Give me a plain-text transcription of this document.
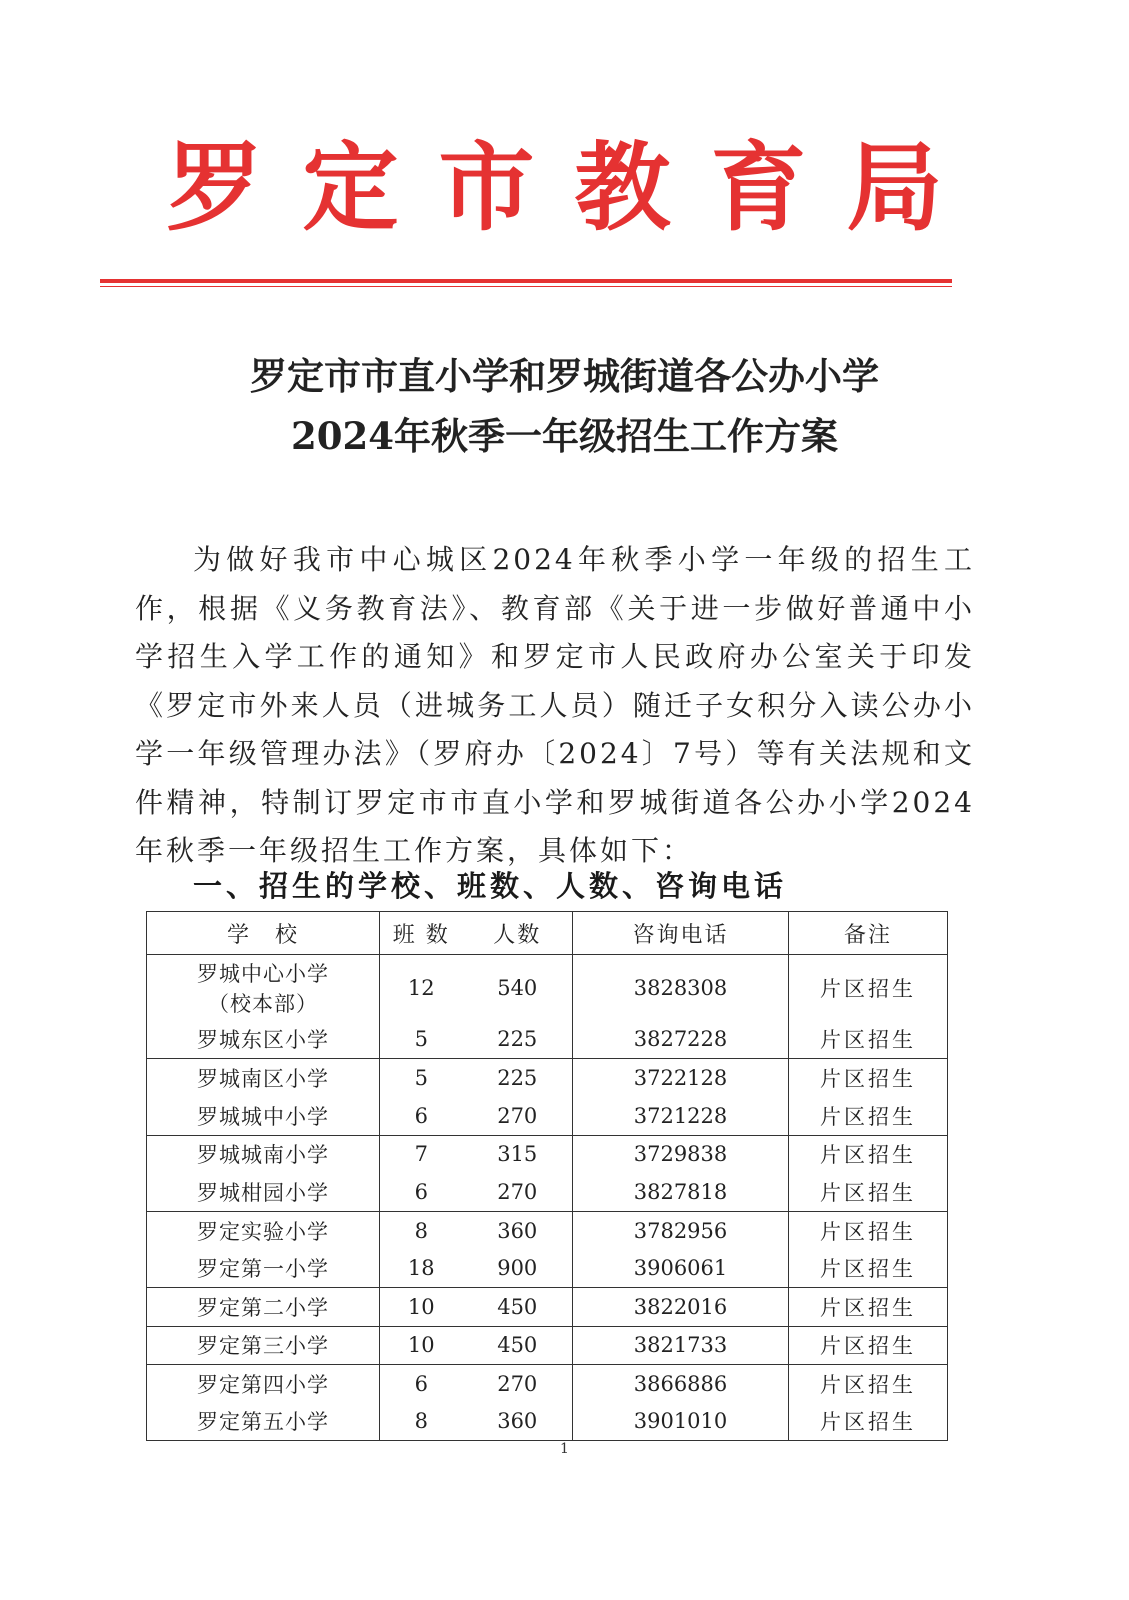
罗定市教育局
罗定市市直小学和罗城街道各公办小学
2024年秋季一年级招生工作方案
为做好我市中心城区2024年秋季小学一年级的招生工作，根据《义务教育法》、教育部《关于进一步做好普通中小学招生入学工作的通知》和罗定市人民政府办公室关于印发《罗定市外来人员（进城务工人员）随迁子女积分入读公办小学一年级管理办法》（罗府办〔2024〕7号）等有关法规和文件精神，特制订罗定市市直小学和罗城街道各公办小学2024年秋季一年级招生工作方案，具体如下：
一、招生的学校、班数、人数、咨询电话
学　校	班 数	人数	咨询电话	备注
罗城中心小学
（校本部）	12	540	3828308	片区招生
罗城东区小学	5	225	3827228	片区招生
罗城南区小学	5	225	3722128	片区招生
罗城城中小学	6	270	3721228	片区招生
罗城城南小学	7	315	3729838	片区招生
罗城柑园小学	6	270	3827818	片区招生
罗定实验小学	8	360	3782956	片区招生
罗定第一小学	18	900	3906061	片区招生
罗定第二小学	10	450	3822016	片区招生
罗定第三小学	10	450	3821733	片区招生
罗定第四小学	6	270	3866886	片区招生
罗定第五小学	8	360	3901010	片区招生
1
